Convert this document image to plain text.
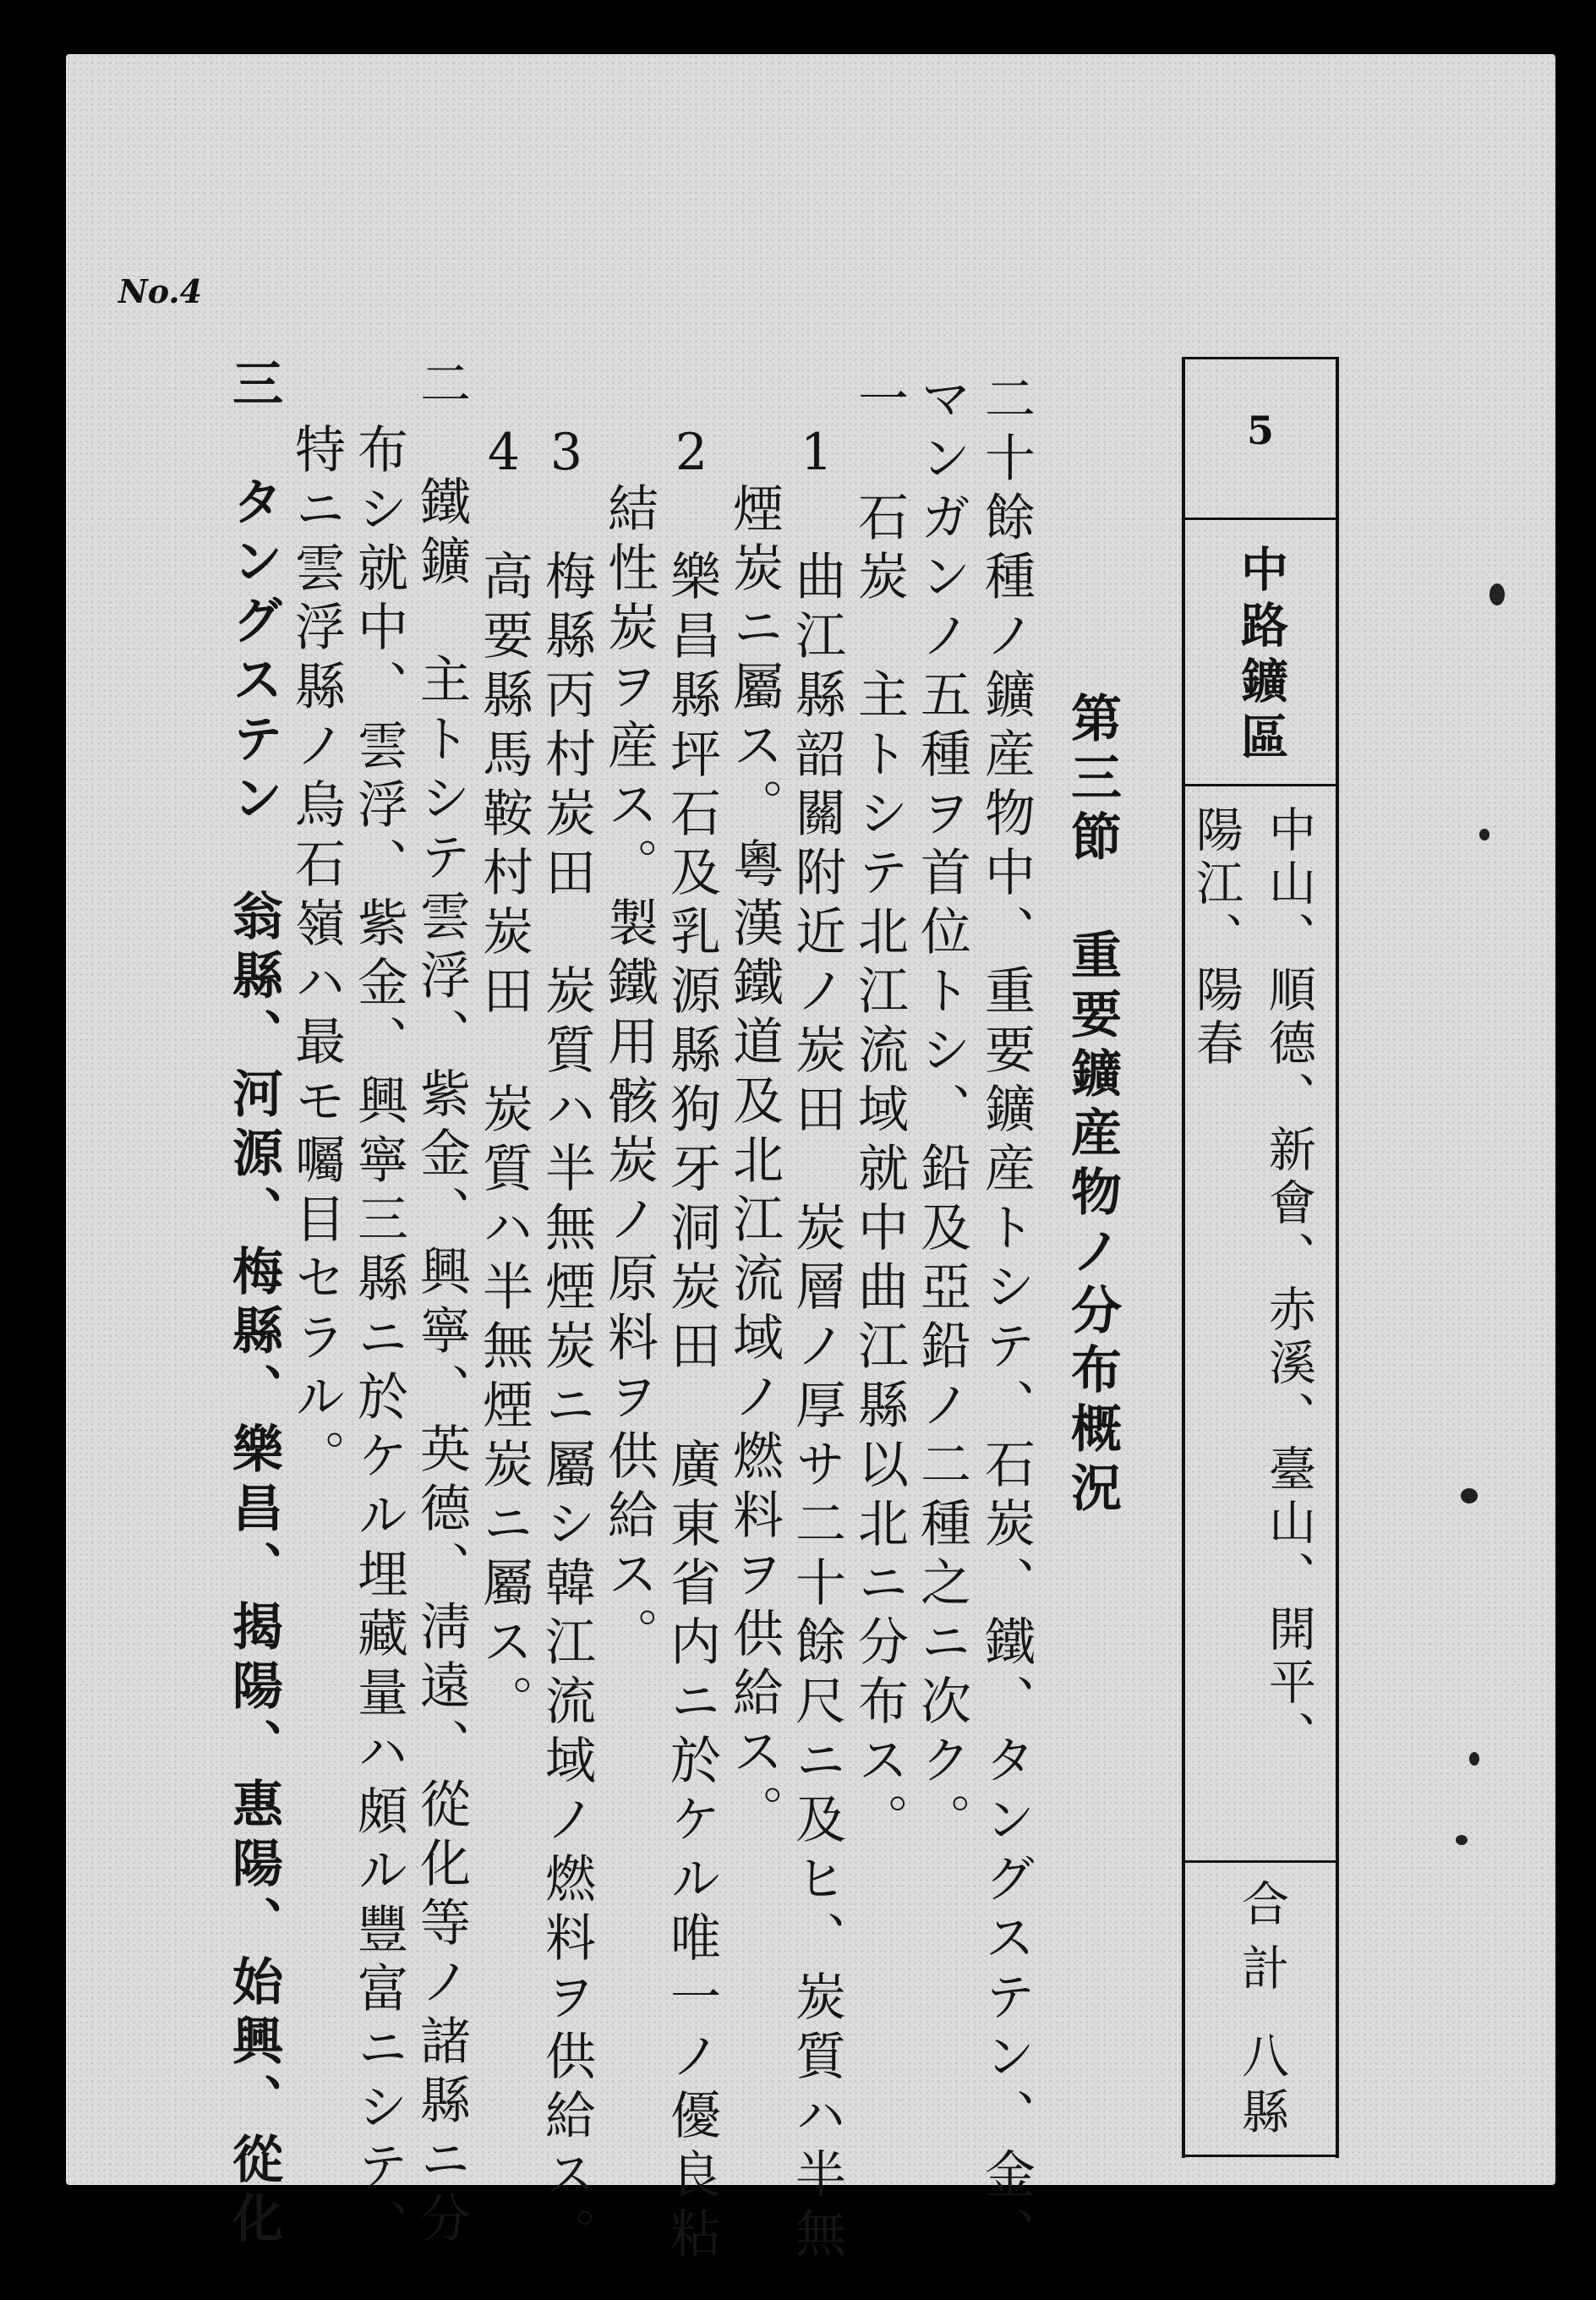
No.4
5
中路鑛區
中山、順德、新會、赤溪、臺山、開平、
陽江、陽春
合計
八縣
第三節　重要鑛産物ノ分布概況
二十餘種ノ鑛産物中、重要鑛産トシテ、石炭、鐵、タングステン、金、
マンガンノ五種ヲ首位トシ、鉛及亞鉛ノ二種之ニ次ク。
一　石炭　主トシテ北江流域就中曲江縣以北ニ分布ス。
1　曲江縣韶關附近ノ炭田　炭層ノ厚サ二十餘尺ニ及ヒ、炭質ハ半無
煙炭ニ屬ス。粵漢鐵道及北江流域ノ燃料ヲ供給ス。
2　樂昌縣坪石及乳源縣狗牙洞炭田　廣東省内ニ於ケル唯一ノ優良粘
結性炭ヲ産ス。製鐵用骸炭ノ原料ヲ供給ス。
3　梅縣丙村炭田　炭質ハ半無煙炭ニ屬シ韓江流域ノ燃料ヲ供給ス。
4　高要縣馬鞍村炭田　炭質ハ半無煙炭ニ屬ス。
二　鐵鑛　主トシテ雲浮、紫金、興寧、英德、淸遠、從化等ノ諸縣ニ分
布シ就中、雲浮、紫金、興寧三縣ニ於ケル埋藏量ハ頗ル豐富ニシテ、
特ニ雲浮縣ノ烏石嶺ハ最モ囑目セラル。
三　タングステン　翁縣、河源、梅縣、樂昌、揭陽、惠陽、始興、從化
